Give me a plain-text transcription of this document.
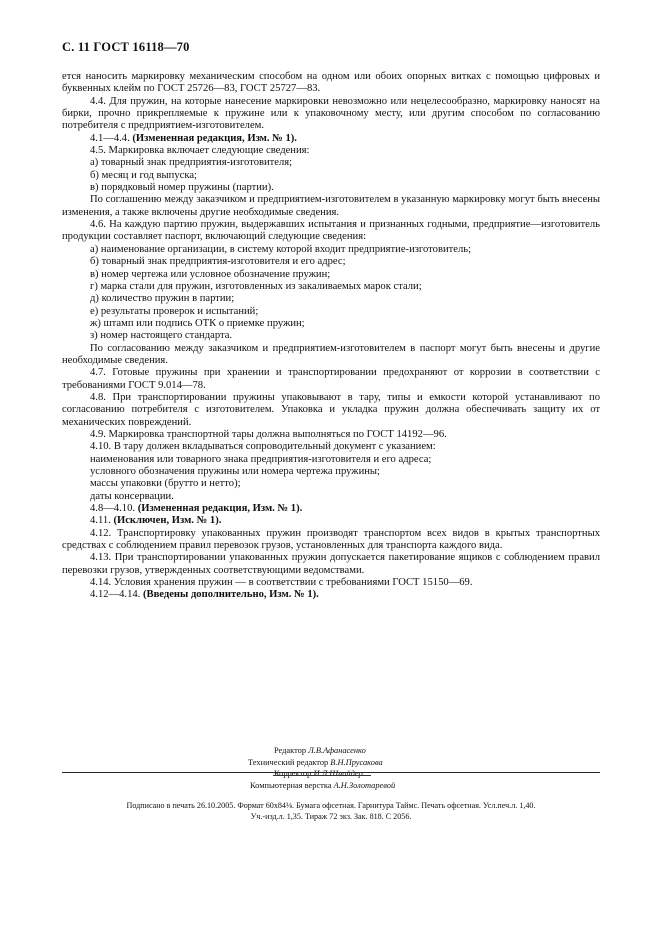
С. 11 ГОСТ 16118—70

ется наносить маркировку механическим способом на одном или обоих опорных витках с помощью цифровых и буквенных клейм по ГОСТ 25726—83, ГОСТ 25727—83.

4.4. Для пружин, на которые нанесение маркировки невозможно или нецелесообразно, маркировку наносят на бирки, прочно прикрепляемые к пружине или к упаковочному месту, или другим способом по согласованию потребителя с предприятием-изготовителем.

4.1—4.4. (Измененная редакция, Изм. № 1).

4.5. Маркировка включает следующие сведения:

а) товарный знак предприятия-изготовителя;

б) месяц и год выпуска;

в) порядковый номер пружины (партии).

По соглашению между заказчиком и предприятием-изготовителем в указанную маркировку могут быть внесены изменения, а также включены другие необходимые сведения.

4.6. На каждую партию пружин, выдержавших испытания и признанных годными, предприятие—изготовитель продукции составляет паспорт, включающий следующие сведения:

а) наименование организации, в систему которой входит предприятие-изготовитель;

б) товарный знак предприятия-изготовителя и его адрес;

в) номер чертежа или условное обозначение пружин;

г) марка стали для пружин, изготовленных из закаливаемых марок стали;

д) количество пружин в партии;

е) результаты проверок и испытаний;

ж) штамп или подпись ОТК о приемке пружин;

з) номер настоящего стандарта.

По согласованию между заказчиком и предприятием-изготовителем в паспорт могут быть внесены и другие необходимые сведения.

4.7. Готовые пружины при хранении и транспортировании предохраняют от коррозии в соответствии с требованиями ГОСТ 9.014—78.

4.8. При транспортировании пружины упаковывают в тару, типы и емкости которой устанавливают по согласованию потребителя с изготовителем. Упаковка и укладка пружин должна обеспечивать защиту их от механических повреждений.

4.9. Маркировка транспортной тары должна выполняться по ГОСТ 14192—96.

4.10. В тару должен вкладываться сопроводительный документ с указанием:

наименования или товарного знака предприятия-изготовителя и его адреса;

условного обозначения пружины или номера чертежа пружины;

массы упаковки (брутто и нетто);

даты консервации.

4.8—4.10. (Измененная редакция, Изм. № 1).

4.11. (Исключен, Изм. № 1).

4.12. Транспортировку упакованных пружин производят транспортом всех видов в крытых транспортных средствах с соблюдением правил перевозок грузов, установленных для транспорта каждого вида.

4.13. При транспортировании упакованных пружин допускается пакетирование ящиков с соблюдением правил перевозки грузов, утвержденных соответствующими ведомствами.

4.14. Условия хранения пружин — в соответствии с требованиями ГОСТ 15150—69.

4.12—4.14. (Введены дополнительно, Изм. № 1).

Редактор Л.В.Афанасенко
Технический редактор В.Н.Прусакова
Корректор И.Л.Шнайдер
Компьютерная верстка А.Н.Золотаревой
Подписано в печать 26.10.2005. Формат 60х84⅛. Бумага офсетная. Гарнитура Таймс. Печать офсетная. Усл.печ.л. 1,40.
Уч.-изд.л. 1,35. Тираж 72 экз. Зак. 818. С 2056.
